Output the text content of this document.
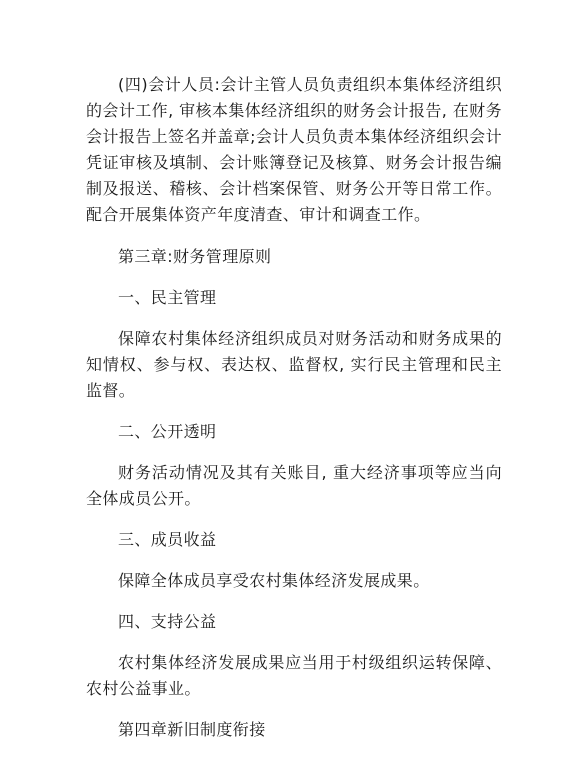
(四)会计人员:会计主管人员负责组织本集体经济组织的会计工作, 审核本集体经济组织的财务会计报告, 在财务会计报告上签名并盖章;会计人员负责本集体经济组织会计凭证审核及填制、会计账簿登记及核算、财务会计报告编制及报送、稽核、会计档案保管、财务公开等日常工作。配合开展集体资产年度清查、审计和调查工作。

第三章:财务管理原则

一、民主管理

保障农村集体经济组织成员对财务活动和财务成果的知情权、参与权、表达权、监督权, 实行民主管理和民主监督。

二、公开透明

财务活动情况及其有关账目, 重大经济事项等应当向全体成员公开。

三、成员收益

保障全体成员享受农村集体经济发展成果。

四、支持公益

农村集体经济发展成果应当用于村级组织运转保障、农村公益事业。

第四章新旧制度衔接
